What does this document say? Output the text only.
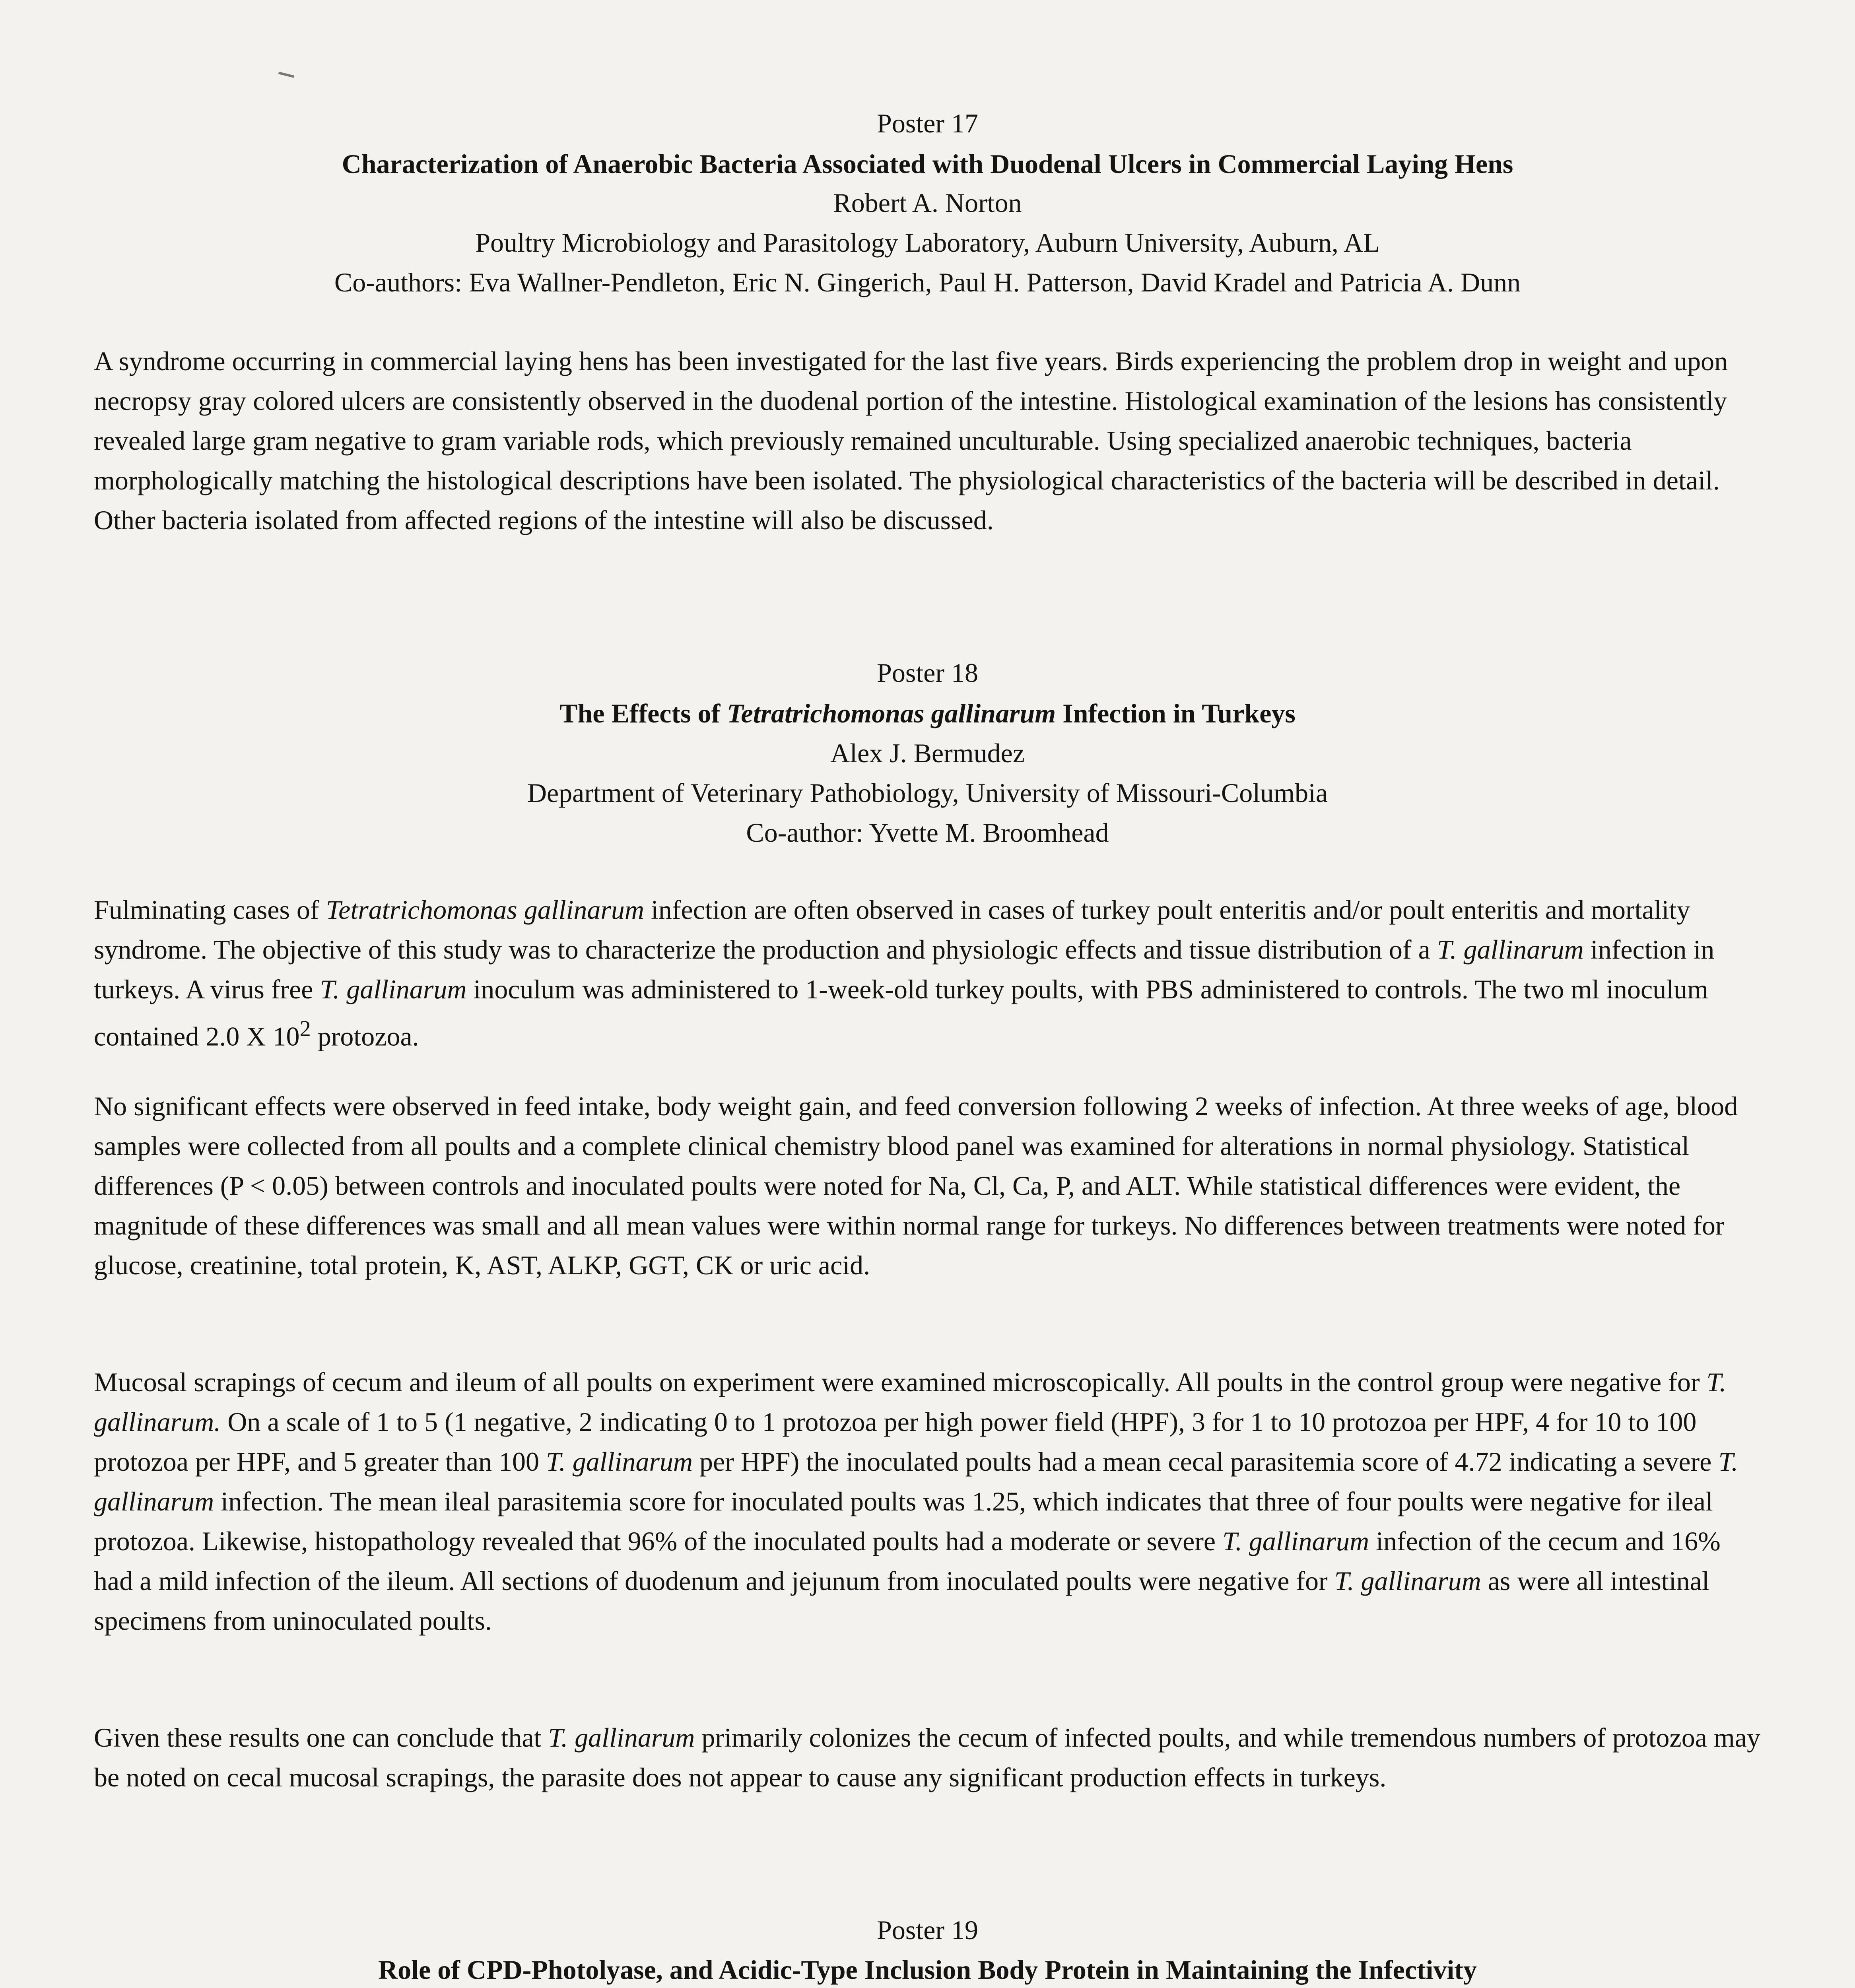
Poster 17
Characterization of Anaerobic Bacteria Associated with Duodenal Ulcers in Commercial Laying Hens
Robert A. Norton
Poultry Microbiology and Parasitology Laboratory, Auburn University, Auburn, AL
Co-authors: Eva Wallner-Pendleton, Eric N. Gingerich, Paul H. Patterson, David Kradel and Patricia A. Dunn

A syndrome occurring in commercial laying hens has been investigated for the last five years. Birds experiencing the problem drop in weight and upon necropsy gray colored ulcers are consistently observed in the duodenal portion of the intestine. Histological examination of the lesions has consistently revealed large gram negative to gram variable rods, which previously remained unculturable. Using specialized anaerobic techniques, bacteria morphologically matching the histological descriptions have been isolated. The physiological characteristics of the bacteria will be described in detail. Other bacteria isolated from affected regions of the intestine will also be discussed.

Poster 18
The Effects of Tetratrichomonas gallinarum Infection in Turkeys
Alex J. Bermudez
Department of Veterinary Pathobiology, University of Missouri-Columbia
Co-author: Yvette M. Broomhead

Fulminating cases of Tetratrichomonas gallinarum infection are often observed in cases of turkey poult enteritis and/or poult enteritis and mortality syndrome. The objective of this study was to characterize the production and physiologic effects and tissue distribution of a T. gallinarum infection in turkeys. A virus free T. gallinarum inoculum was administered to 1-week-old turkey poults, with PBS administered to controls. The two ml inoculum contained 2.0 X $10^2$ protozoa.

No significant effects were observed in feed intake, body weight gain, and feed conversion following 2 weeks of infection. At three weeks of age, blood samples were collected from all poults and a complete clinical chemistry blood panel was examined for alterations in normal physiology. Statistical differences (P < 0.05) between controls and inoculated poults were noted for Na, Cl, Ca, P, and ALT. While statistical differences were evident, the magnitude of these differences was small and all mean values were within normal range for turkeys. No differences between treatments were noted for glucose, creatinine, total protein, K, AST, ALKP, GGT, CK or uric acid.

Mucosal scrapings of cecum and ileum of all poults on experiment were examined microscopically. All poults in the control group were negative for T. gallinarum. On a scale of 1 to 5 (1 negative, 2 indicating 0 to 1 protozoa per high power field (HPF), 3 for 1 to 10 protozoa per HPF, 4 for 10 to 100 protozoa per HPF, and 5 greater than 100 T. gallinarum per HPF) the inoculated poults had a mean cecal parasitemia score of 4.72 indicating a severe T. gallinarum infection. The mean ileal parasitemia score for inoculated poults was 1.25, which indicates that three of four poults were negative for ileal protozoa. Likewise, histopathology revealed that 96% of the inoculated poults had a moderate or severe T. gallinarum infection of the cecum and 16% had a mild infection of the ileum. All sections of duodenum and jejunum from inoculated poults were negative for T. gallinarum as were all intestinal specimens from uninoculated poults.

Given these results one can conclude that T. gallinarum primarily colonizes the cecum of infected poults, and while tremendous numbers of protozoa may be noted on cecal mucosal scrapings, the parasite does not appear to cause any significant production effects in turkeys.

Poster 19
Role of CPD-Photolyase, and Acidic-Type Inclusion Body Protein in Maintaining the Infectivity
